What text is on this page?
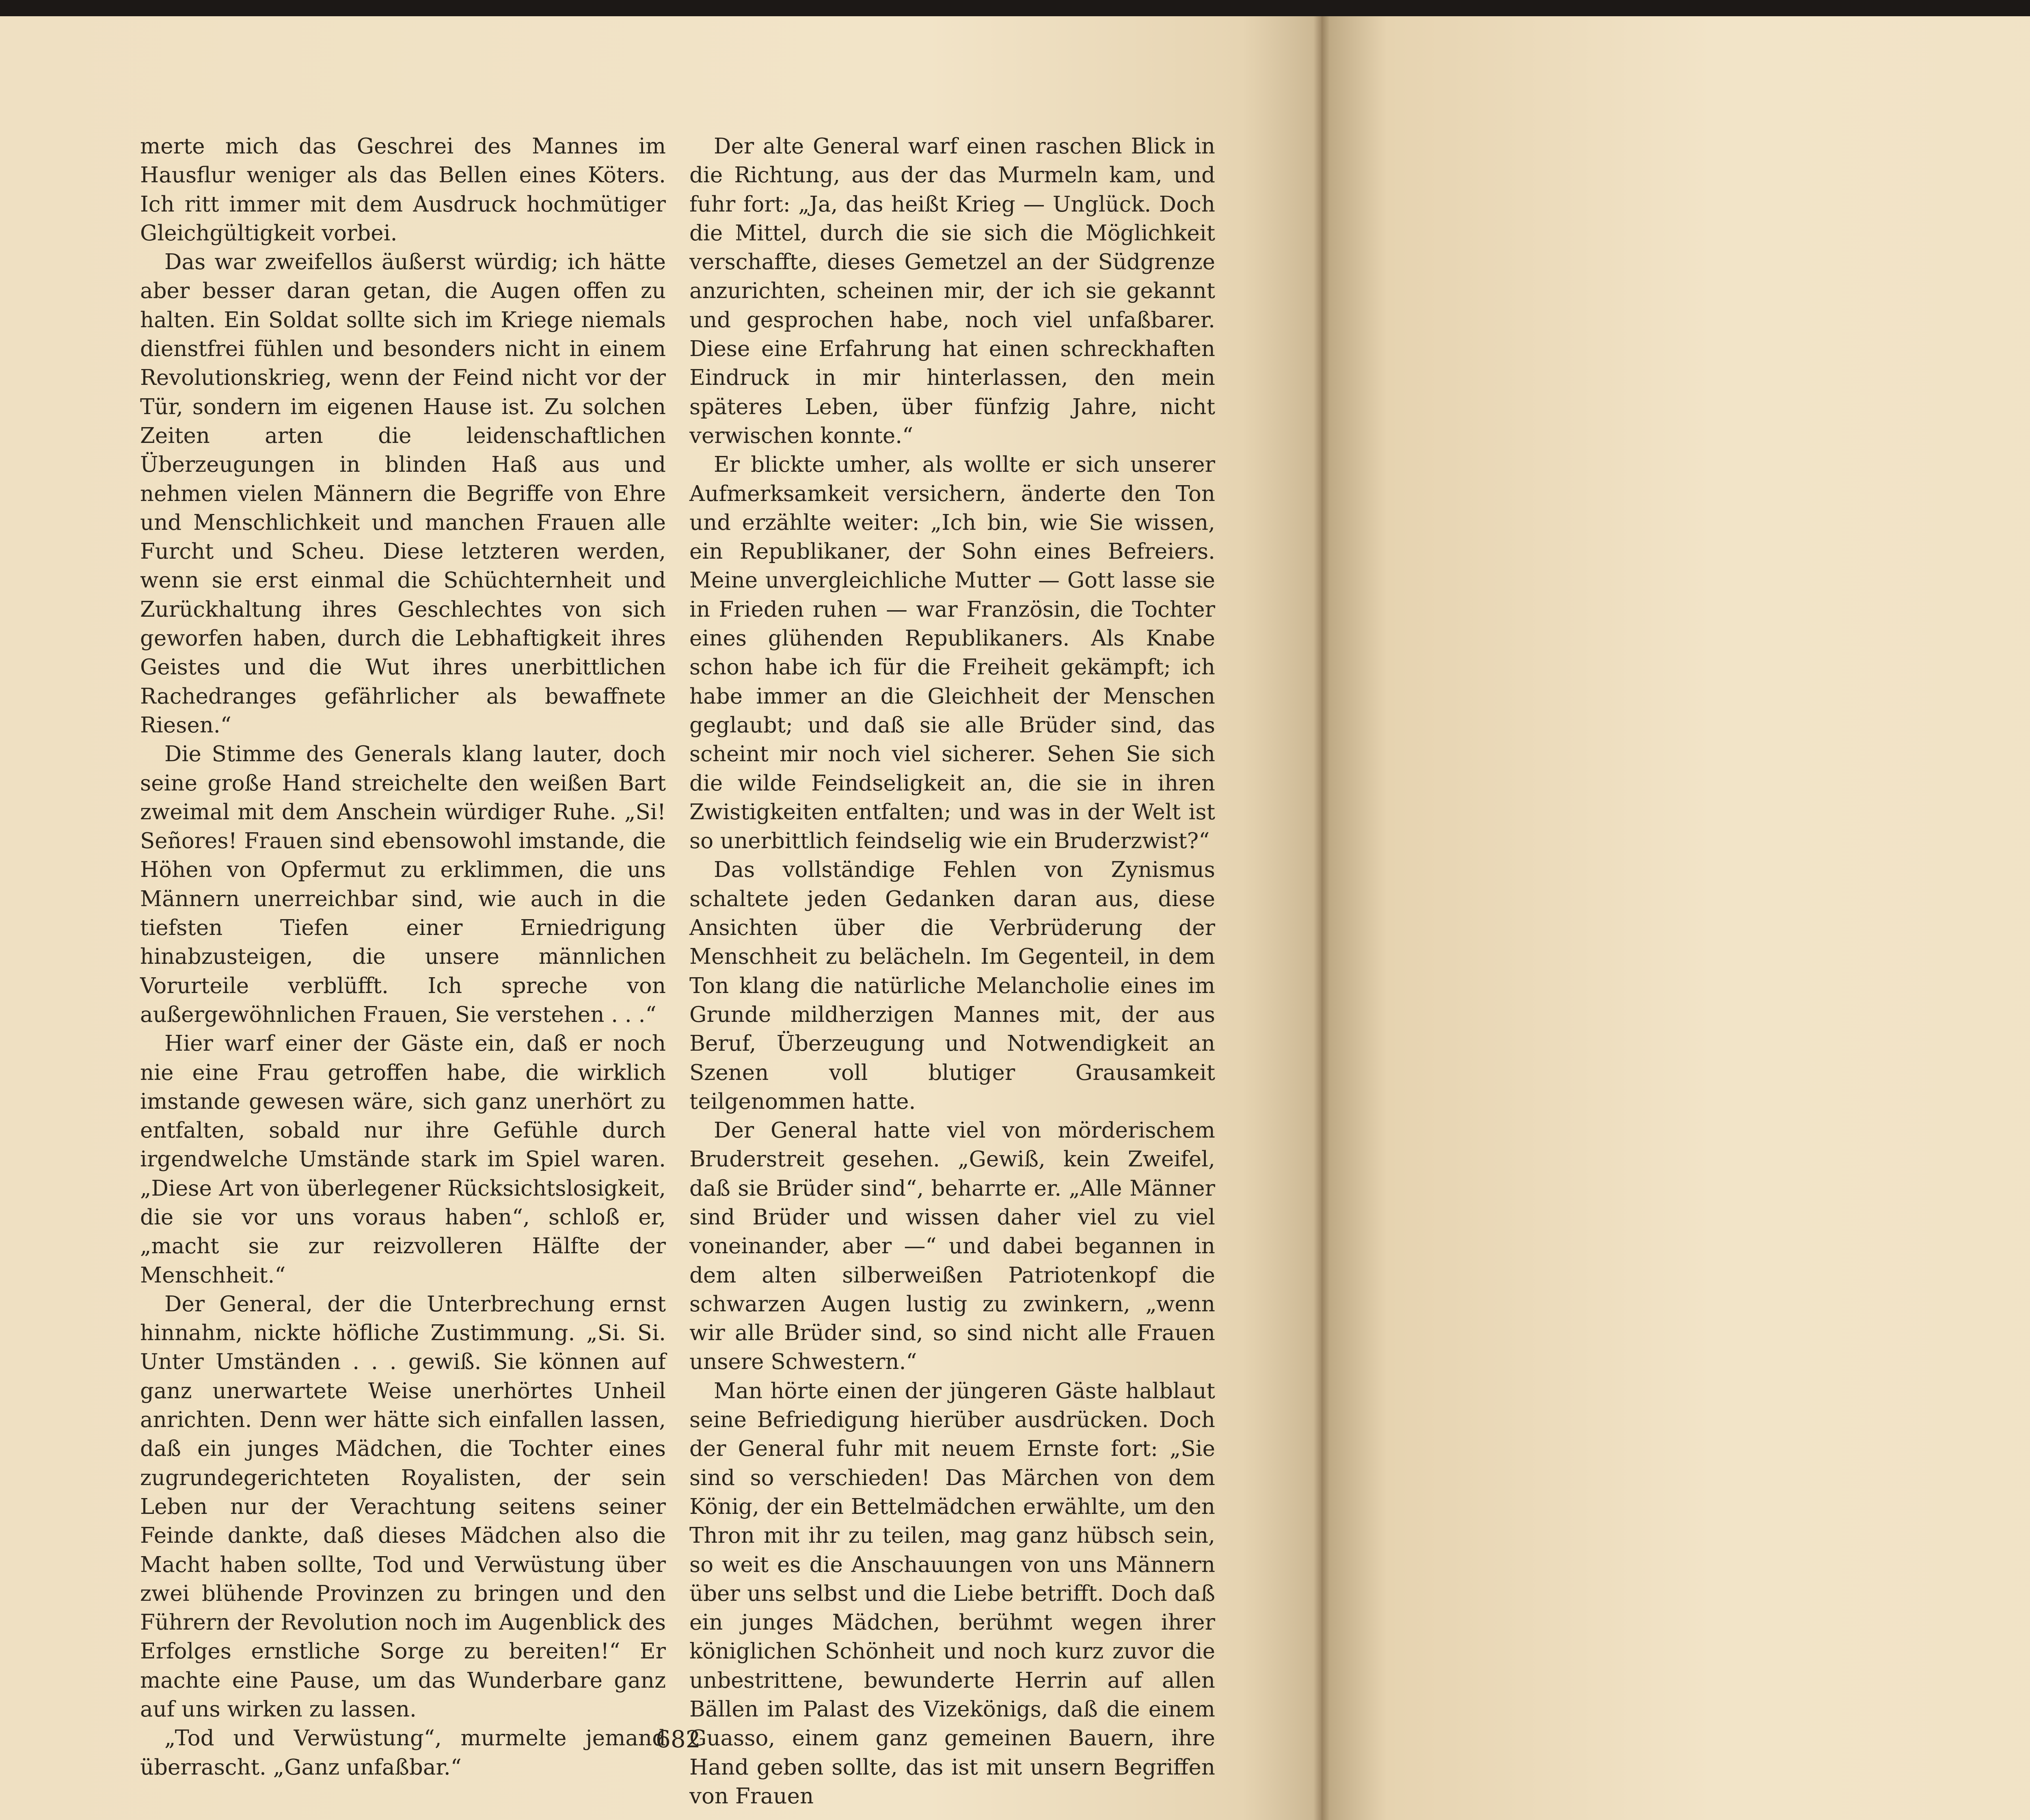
merte mich das Geschrei des Mannes im Hausflur weniger als das Bellen eines Köters. Ich ritt immer mit dem Ausdruck hochmütiger Gleichgültigkeit vorbei.

Das war zweifellos äußerst würdig; ich hätte aber besser daran getan, die Augen offen zu halten. Ein Soldat sollte sich im Kriege niemals dienstfrei fühlen und besonders nicht in einem Revolutionskrieg, wenn der Feind nicht vor der Tür, sondern im eigenen Hause ist. Zu solchen Zeiten arten die leidenschaftlichen Überzeugungen in blinden Haß aus und nehmen vielen Männern die Begriffe von Ehre und Menschlichkeit und manchen Frauen alle Furcht und Scheu. Diese letzteren werden, wenn sie erst einmal die Schüchternheit und Zurückhaltung ihres Geschlechtes von sich geworfen haben, durch die Lebhaftigkeit ihres Geistes und die Wut ihres unerbittlichen Rachedranges gefährlicher als bewaffnete Riesen.“

Die Stimme des Generals klang lauter, doch seine große Hand streichelte den weißen Bart zweimal mit dem Anschein würdiger Ruhe. „Si! Señores! Frauen sind ebensowohl imstande, die Höhen von Opfermut zu erklimmen, die uns Männern unerreichbar sind, wie auch in die tiefsten Tiefen einer Erniedrigung hinabzusteigen, die unsere männlichen Vorurteile verblüfft. Ich spreche von außergewöhnlichen Frauen, Sie verstehen . . .“

Hier warf einer der Gäste ein, daß er noch nie eine Frau getroffen habe, die wirklich imstande gewesen wäre, sich ganz unerhört zu entfalten, sobald nur ihre Gefühle durch irgendwelche Umstände stark im Spiel waren. „Diese Art von überlegener Rücksichtslosigkeit, die sie vor uns voraus haben“, schloß er, „macht sie zur reizvolleren Hälfte der Menschheit.“

Der General, der die Unterbrechung ernst hinnahm, nickte höfliche Zustimmung. „Si. Si. Unter Umständen . . . gewiß. Sie können auf ganz unerwartete Weise unerhörtes Unheil anrichten. Denn wer hätte sich einfallen lassen, daß ein junges Mädchen, die Tochter eines zugrundegerichteten Royalisten, der sein Leben nur der Verachtung seitens seiner Feinde dankte, daß dieses Mädchen also die Macht haben sollte, Tod und Verwüstung über zwei blühende Provinzen zu bringen und den Führern der Revolution noch im Augenblick des Erfolges ernstliche Sorge zu bereiten!“ Er machte eine Pause, um das Wunderbare ganz auf uns wirken zu lassen.

„Tod und Verwüstung“, murmelte jemand überrascht. „Ganz unfaßbar.“

Der alte General warf einen raschen Blick in die Richtung, aus der das Murmeln kam, und fuhr fort: „Ja, das heißt Krieg — Unglück. Doch die Mittel, durch die sie sich die Möglichkeit verschaffte, dieses Gemetzel an der Südgrenze anzurichten, scheinen mir, der ich sie gekannt und gesprochen habe, noch viel unfaßbarer. Diese eine Erfahrung hat einen schreckhaften Eindruck in mir hinterlassen, den mein späteres Leben, über fünfzig Jahre, nicht verwischen konnte.“

Er blickte umher, als wollte er sich unserer Aufmerksamkeit versichern, änderte den Ton und erzählte weiter: „Ich bin, wie Sie wissen, ein Republikaner, der Sohn eines Befreiers. Meine unvergleichliche Mutter — Gott lasse sie in Frieden ruhen — war Französin, die Tochter eines glühenden Republikaners. Als Knabe schon habe ich für die Freiheit gekämpft; ich habe immer an die Gleichheit der Menschen geglaubt; und daß sie alle Brüder sind, das scheint mir noch viel sicherer. Sehen Sie sich die wilde Feindseligkeit an, die sie in ihren Zwistigkeiten entfalten; und was in der Welt ist so unerbittlich feindselig wie ein Bruderzwist?“

Das vollständige Fehlen von Zynismus schaltete jeden Gedanken daran aus, diese Ansichten über die Verbrüderung der Menschheit zu belächeln. Im Gegenteil, in dem Ton klang die natürliche Melancholie eines im Grunde mildherzigen Mannes mit, der aus Beruf, Überzeugung und Notwendigkeit an Szenen voll blutiger Grausamkeit teilgenommen hatte.

Der General hatte viel von mörderischem Bruderstreit gesehen. „Gewiß, kein Zweifel, daß sie Brüder sind“, beharrte er. „Alle Männer sind Brüder und wissen daher viel zu viel voneinander, aber —“ und dabei begannen in dem alten silberweißen Patriotenkopf die schwarzen Augen lustig zu zwinkern, „wenn wir alle Brüder sind, so sind nicht alle Frauen unsere Schwestern.“

Man hörte einen der jüngeren Gäste halblaut seine Befriedigung hierüber ausdrücken. Doch der General fuhr mit neuem Ernste fort: „Sie sind so verschieden! Das Märchen von dem König, der ein Bettelmädchen erwählte, um den Thron mit ihr zu teilen, mag ganz hübsch sein, so weit es die Anschauungen von uns Männern über uns selbst und die Liebe betrifft. Doch daß ein junges Mädchen, berühmt wegen ihrer königlichen Schönheit und noch kurz zuvor die unbestrittene, bewunderte Herrin auf allen Bällen im Palast des Vizekönigs, daß die einem Guasso, einem ganz gemeinen Bauern, ihre Hand geben sollte, das ist mit unsern Begriffen von Frauen

682
